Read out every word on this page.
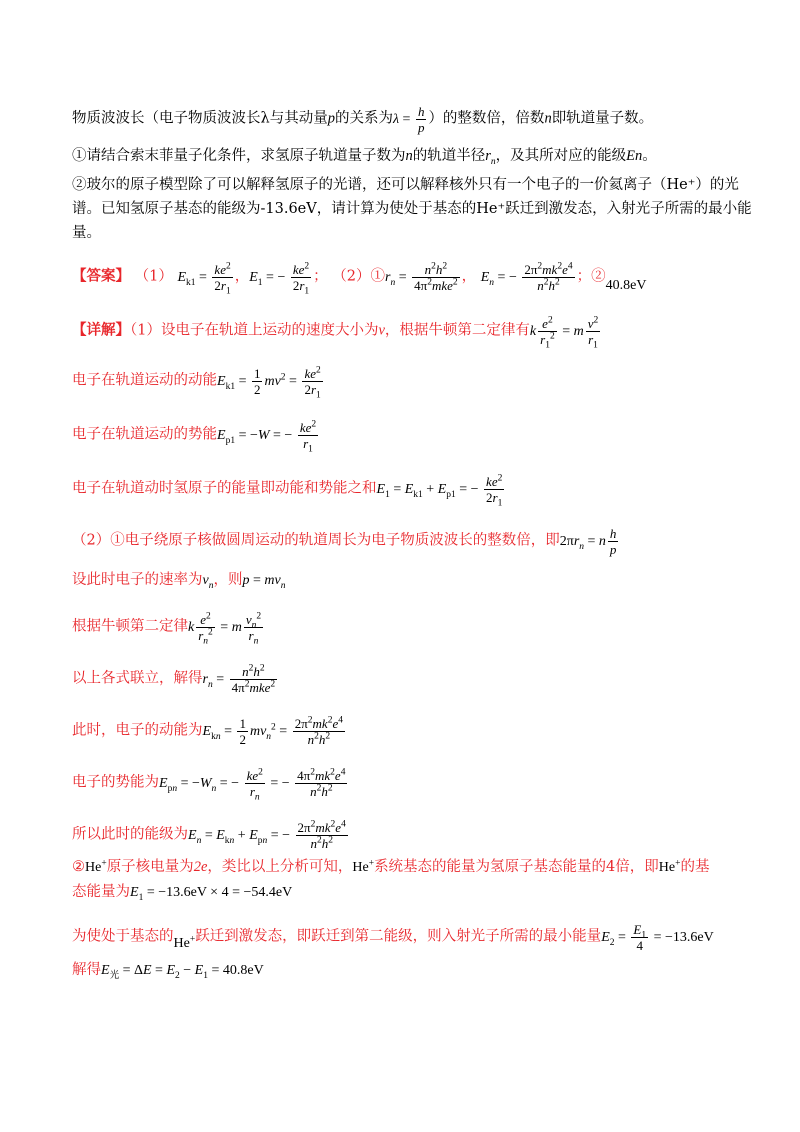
物质波波长（电子物质波波长λ与其动量p的关系为$\lambda = \frac{h}{p}$ ）的整数倍，倍数n即轨道量子数。
①请结合索末菲量子化条件，求氢原子轨道量子数为n的轨道半径$r_n$，及其所对应的能级En。
②玻尔的原子模型除了可以解释氢原子的光谱，还可以解释核外只有一个电子的一价氦离子（He⁺）的光
谱。已知氢原子基态的能级为-13.6eV，请计算为使处于基态的He⁺跃迁到激发态，入射光子所需的最小能
量。
【答案】 （1） $E_{k1} = \frac{ke^2}{2r_1}$ ，$E_1$ = − $\frac{ke^2}{2r_1}$ ； $(2)①r_n = \frac{n^2h^2}{4\pi^2mke^2}$ ， $E_n$ = − $\frac{2\pi^2mk^2e^4}{n^2h^2}$ ；②40.8eV
【详解】（1）设电子在轨道上运动的速度大小为v，根据牛顿第二定律有k $\frac{e^2}{r_1^2} = m \frac{v^2}{r_1}$
电子在轨道运动的动能$E_{k1} = \frac{1}{2} mv^2 = \frac{ke^2}{2r_1}$
电子在轨道运动的势能$E_{p1} = -W$ = − $\frac{ke^2}{r_1}$
电子在轨道动时氢原子的能量即动能和势能之和$E_1 = E_{k1} + E_{p1}$ = − $\frac{ke^2}{2r_1}$
（2）①电子绕原子核做圆周运动的轨道周长为电子物质波波长的整数倍，即$2\pi r_n = n \frac{h}{p}$
设此时电子的速率为$v_n$，则$p = mv_n$
根据牛顿第二定律k $\frac{e^2}{r_n^2} = m \frac{v_n^2}{r_n}$
以上各式联立，解得$r_n = \frac{n^2h^2}{4\pi^2mke^2}$
此时，电子的动能为$E_{kn} = \frac{1}{2} mv_n^2 = \frac{2\pi^2mk^2e^4}{n^2h^2}$
电子的势能为$E_{pn} = -W_n$ = − $\frac{ke^2}{r_n}$ = − $\frac{4\pi^2mk^2e^4}{n^2h^2}$
所以此时的能级为$E_n = E_{kn} + E_{pn}$ = − $\frac{2\pi^2mk^2e^4}{n^2h^2}$
②He+原子核电量为2e，类比以上分析可知，He+系统基态的能量为氢原子基态能量的4倍，即He+的基
态能量为$E_1 = -13.6eV \times 4 = -54.4eV$
为使处于基态的He+跃迁到激发态，即跃迁到第二能级，则入射光子所需的最小能量$E_2 = \frac{E_1}{4} = -13.6eV$
解得$E_光 = \Delta E = E_2 - E_1 = 40.8eV$
